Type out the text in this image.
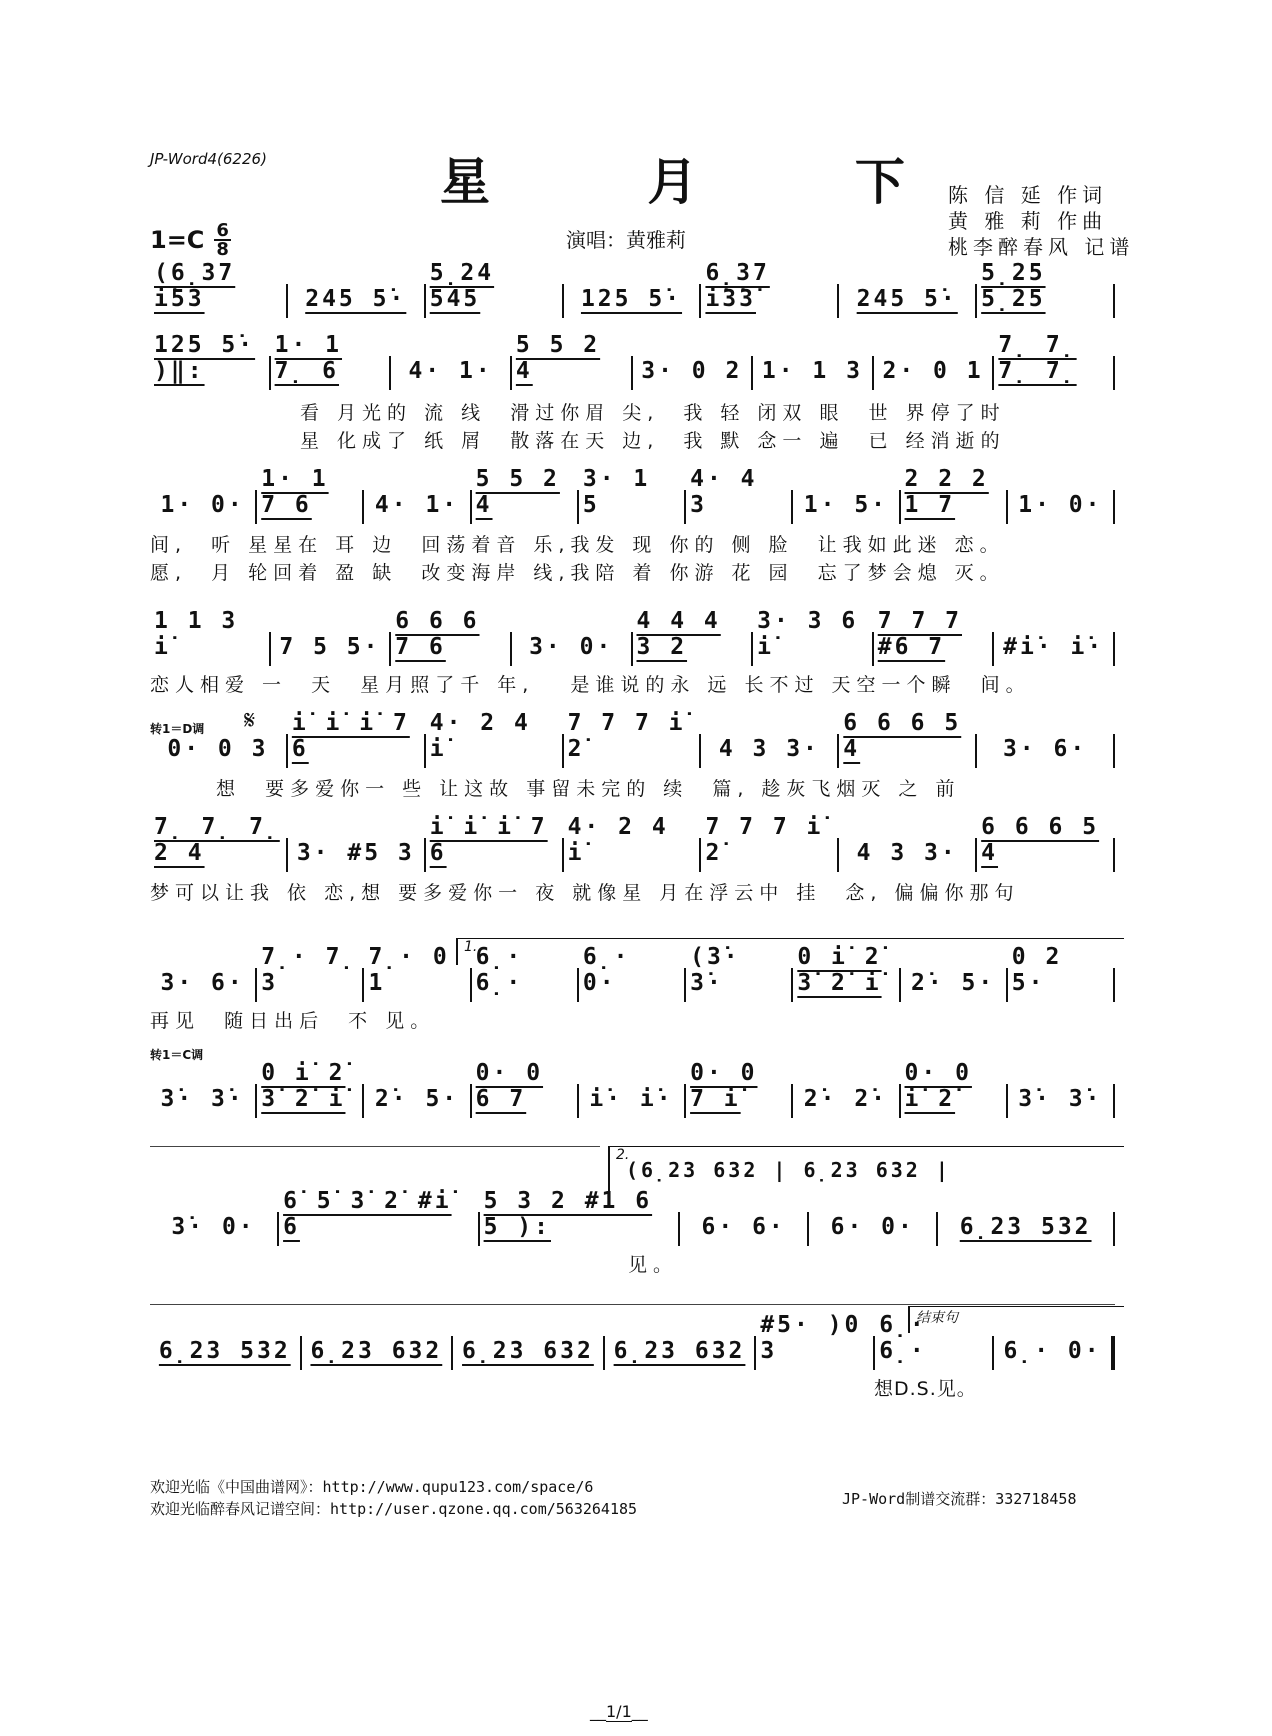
JP-Word4(6226)	星 月 下
陈 信 延 作词
黄 雅 莉 作曲
桃李醉春风 记谱
1=C 6
8	演唱：黄雅莉
(6̣37 i̇53	245 5̇·
5̣24 545	125 5̇·
6̣37 i̇3̇3̇	245 5̇·
5̣25 5̣25
125 5̇· )‖:
1· 1 7̣ 6	4· 1·
5 5 2 4	3· 0 2 1· 1 3 2· 0 1
7̣ 7̣ 7̣ 7̣
看 月光的 流 线  滑过你眉 尖,  我 轻 闭双 眼  世 界停了时
星 化成了 纸 屑  散落在天 边,  我 默 念一 遍  已 经消逝的
1· 0·
1· 1 7 6	4· 1·
5 5 2 4
3· 1 5
4· 4 3	1· 5·
2 2 2 1 7	1· 0·
间,  听 星星在 耳 边  回荡着音 乐,我发 现 你的 侧 脸  让我如此迷 恋。
愿,  月 轮回着 盈 缺  改变海岸 线,我陪 着 你游 花 园  忘了梦会熄 灭。
1 1 3 i̇	7 5 5·
6 6 6 7 6	3· 0·
4 4 4 3 2
3· 3 6 i̇
7 7 7 #6 7	#i̇· i̇·
恋人相爱 一  天  星月照了千 年,   是谁说的永 远 长不过 天空一个瞬  间。
转1＝D调 𝄋
0· 0 3
i̇ i̇ i̇ 7 6
4· 2 4 i̇
7 7 7 i̇ 2̇	4 3 3·
6 6 6 5 4	3· 6·
想  要多爱你一 些 让这故 事留未完的 续  篇, 趁灰飞烟灭 之 前
7̣ 7̣ 7̣ 2 4	3· #5 3
i̇ i̇ i̇ 7 6
4· 2 4 i̇
7 7 7 i̇ 2̇	4 3 3·
6 6 6 5 4
梦可以让我 依 恋,想 要多爱你一 夜 就像星 月在浮云中 挂  念, 偏偏你那句
1.
3· 6·
7̣· 7̣ 3
7̣· 0 1
6̣· 6̣·
6̣· 0·
(3̇· 3̇·
0 i̇ 2̇ 3̇ 2̇ i̇	2̇· 5·
0 2 5·
再见  随日出后  不 见。
转1＝C调
3̇· 3̇·
0 i̇ 2̇ 3̇ 2̇ i̇	2̇· 5·
0· 0 6 7	i̇· i̇·
0· 0 7 i̇	2̇· 2̇·
0· 0 i̇ 2̇	3̇· 3̇·
2.
(6̣23 632 | 6̣23 632 |
3̇· 0·
6̇ 5̇ 3̇ 2̇ #i̇ 6
5 3 2 #1 6 5 ):	6· 6· 6· 0· 6̣23 532
见。
结束句
6̣23 532 6̣23 632 6̣23 632 6̣23 632
#5· )0 3
6̣· 6̣·	6̣· 0·
想D.S.见。
欢迎光临《中国曲谱网》：http://www.qupu123.com/space/6
欢迎光临醉春风记谱空间：http://user.qzone.qq.com/563264185
JP-Word制谱交流群：332718458
__1/1__
